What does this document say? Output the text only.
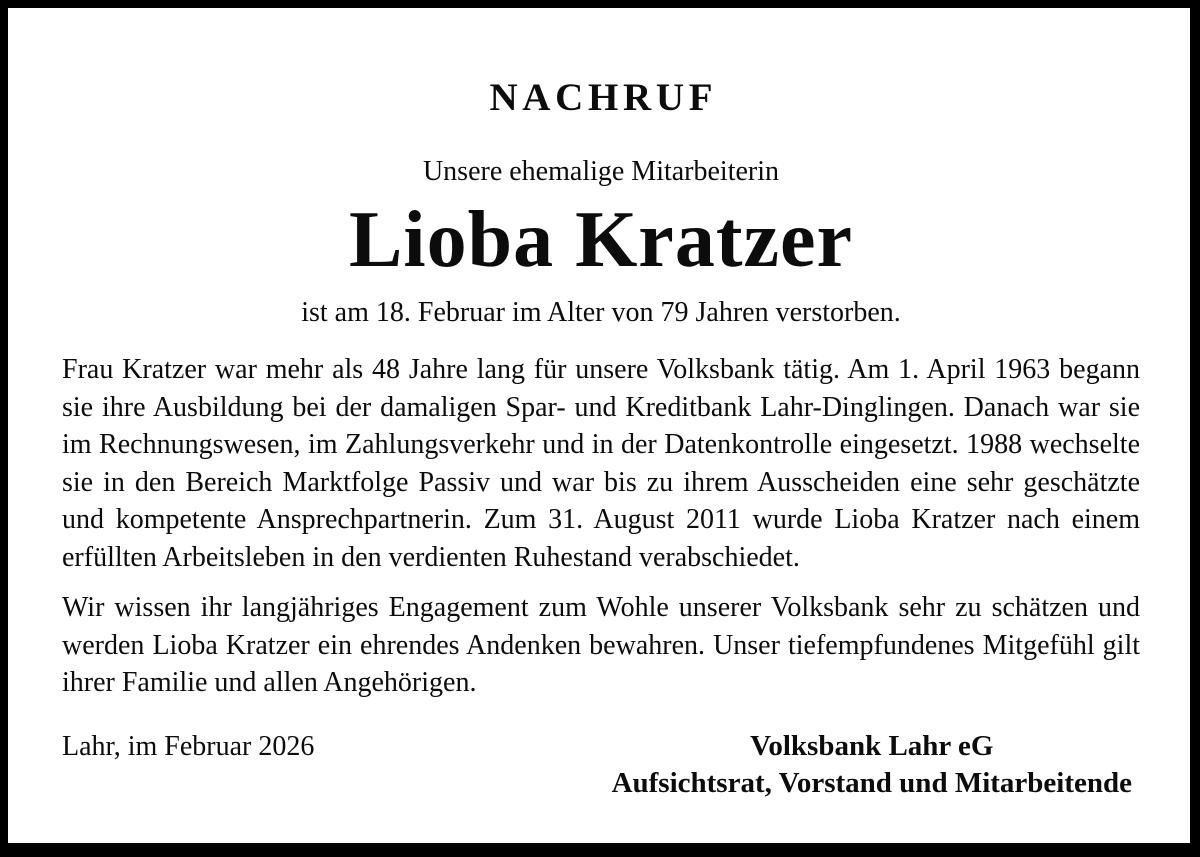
NACHRUF
Unsere ehemalige Mitarbeiterin
Lioba Kratzer
ist am 18. Februar im Alter von 79 Jahren verstorben.

Frau Kratzer war mehr als 48 Jahre lang für unsere Volksbank tätig. Am 1. April 1963 begann sie ihre Ausbildung bei der damaligen Spar- und Kreditbank Lahr-Dinglingen. Danach war sie im Rechnungswesen, im Zahlungsverkehr und in der Datenkontrolle eingesetzt. 1988 wechselte sie in den Bereich Marktfolge Passiv und war bis zu ihrem Ausscheiden eine sehr geschätzte und kompetente Ansprechpartnerin. Zum 31. August 2011 wurde Lioba Kratzer nach einem erfüllten Arbeitsleben in den verdienten Ruhestand verabschiedet.

Wir wissen ihr langjähriges Engagement zum Wohle unserer Volksbank sehr zu schätzen und werden Lioba Kratzer ein ehrendes Andenken bewahren. Unser tiefempfundenes Mitgefühl gilt ihrer Familie und allen Angehörigen.

Lahr, im Februar 2026	Volksbank Lahr eG
Aufsichtsrat, Vorstand und Mitarbeitende
